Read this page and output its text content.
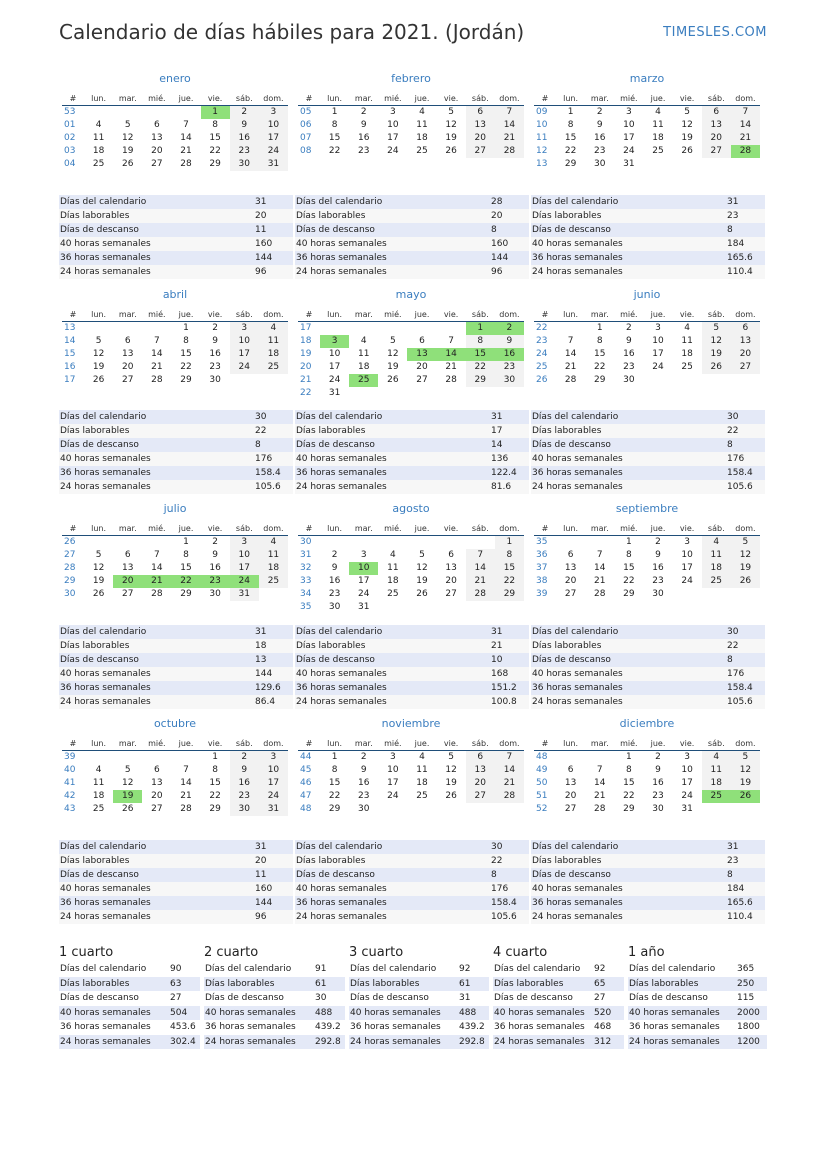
Calendario de días hábiles para 2021. (Jordán)	TIMESLES.COM
enero
#	lun.	mar.	mié.	jue.	vie.	sáb.	dom.
53					1	2	3
01	4	5	6	7	8	9	10
02	11	12	13	14	15	16	17
03	18	19	20	21	22	23	24
04	25	26	27	28	29	30	31
Días del calendario	31
Días laborables	20
Días de descanso	11
40 horas semanales	160
36 horas semanales	144
24 horas semanales	96
febrero
#	lun.	mar.	mié.	jue.	vie.	sáb.	dom.
05	1	2	3	4	5	6	7
06	8	9	10	11	12	13	14
07	15	16	17	18	19	20	21
08	22	23	24	25	26	27	28
Días del calendario	28
Días laborables	20
Días de descanso	8
40 horas semanales	160
36 horas semanales	144
24 horas semanales	96
marzo
#	lun.	mar.	mié.	jue.	vie.	sáb.	dom.
09	1	2	3	4	5	6	7
10	8	9	10	11	12	13	14
11	15	16	17	18	19	20	21
12	22	23	24	25	26	27	28
13	29	30	31				
Días del calendario	31
Días laborables	23
Días de descanso	8
40 horas semanales	184
36 horas semanales	165.6
24 horas semanales	110.4
abril
#	lun.	mar.	mié.	jue.	vie.	sáb.	dom.
13				1	2	3	4
14	5	6	7	8	9	10	11
15	12	13	14	15	16	17	18
16	19	20	21	22	23	24	25
17	26	27	28	29	30		
Días del calendario	30
Días laborables	22
Días de descanso	8
40 horas semanales	176
36 horas semanales	158.4
24 horas semanales	105.6
mayo
#	lun.	mar.	mié.	jue.	vie.	sáb.	dom.
17						1	2
18	3	4	5	6	7	8	9
19	10	11	12	13	14	15	16
20	17	18	19	20	21	22	23
21	24	25	26	27	28	29	30
22	31						
Días del calendario	31
Días laborables	17
Días de descanso	14
40 horas semanales	136
36 horas semanales	122.4
24 horas semanales	81.6
junio
#	lun.	mar.	mié.	jue.	vie.	sáb.	dom.
22		1	2	3	4	5	6
23	7	8	9	10	11	12	13
24	14	15	16	17	18	19	20
25	21	22	23	24	25	26	27
26	28	29	30				
Días del calendario	30
Días laborables	22
Días de descanso	8
40 horas semanales	176
36 horas semanales	158.4
24 horas semanales	105.6
julio
#	lun.	mar.	mié.	jue.	vie.	sáb.	dom.
26				1	2	3	4
27	5	6	7	8	9	10	11
28	12	13	14	15	16	17	18
29	19	20	21	22	23	24	25
30	26	27	28	29	30	31	
Días del calendario	31
Días laborables	18
Días de descanso	13
40 horas semanales	144
36 horas semanales	129.6
24 horas semanales	86.4
agosto
#	lun.	mar.	mié.	jue.	vie.	sáb.	dom.
30							1
31	2	3	4	5	6	7	8
32	9	10	11	12	13	14	15
33	16	17	18	19	20	21	22
34	23	24	25	26	27	28	29
35	30	31					
Días del calendario	31
Días laborables	21
Días de descanso	10
40 horas semanales	168
36 horas semanales	151.2
24 horas semanales	100.8
septiembre
#	lun.	mar.	mié.	jue.	vie.	sáb.	dom.
35			1	2	3	4	5
36	6	7	8	9	10	11	12
37	13	14	15	16	17	18	19
38	20	21	22	23	24	25	26
39	27	28	29	30			
Días del calendario	30
Días laborables	22
Días de descanso	8
40 horas semanales	176
36 horas semanales	158.4
24 horas semanales	105.6
octubre
#	lun.	mar.	mié.	jue.	vie.	sáb.	dom.
39					1	2	3
40	4	5	6	7	8	9	10
41	11	12	13	14	15	16	17
42	18	19	20	21	22	23	24
43	25	26	27	28	29	30	31
Días del calendario	31
Días laborables	20
Días de descanso	11
40 horas semanales	160
36 horas semanales	144
24 horas semanales	96
noviembre
#	lun.	mar.	mié.	jue.	vie.	sáb.	dom.
44	1	2	3	4	5	6	7
45	8	9	10	11	12	13	14
46	15	16	17	18	19	20	21
47	22	23	24	25	26	27	28
48	29	30					
Días del calendario	30
Días laborables	22
Días de descanso	8
40 horas semanales	176
36 horas semanales	158.4
24 horas semanales	105.6
diciembre
#	lun.	mar.	mié.	jue.	vie.	sáb.	dom.
48			1	2	3	4	5
49	6	7	8	9	10	11	12
50	13	14	15	16	17	18	19
51	20	21	22	23	24	25	26
52	27	28	29	30	31		
Días del calendario	31
Días laborables	23
Días de descanso	8
40 horas semanales	184
36 horas semanales	165.6
24 horas semanales	110.4
1 cuarto
Días del calendario	90
Días laborables	63
Días de descanso	27
40 horas semanales	504
36 horas semanales	453.6
24 horas semanales	302.4
2 cuarto
Días del calendario	91
Días laborables	61
Días de descanso	30
40 horas semanales	488
36 horas semanales	439.2
24 horas semanales	292.8
3 cuarto
Días del calendario	92
Días laborables	61
Días de descanso	31
40 horas semanales	488
36 horas semanales	439.2
24 horas semanales	292.8
4 cuarto
Días del calendario	92
Días laborables	65
Días de descanso	27
40 horas semanales	520
36 horas semanales	468
24 horas semanales	312
1 año
Días del calendario	365
Días laborables	250
Días de descanso	115
40 horas semanales	2000
36 horas semanales	1800
24 horas semanales	1200
